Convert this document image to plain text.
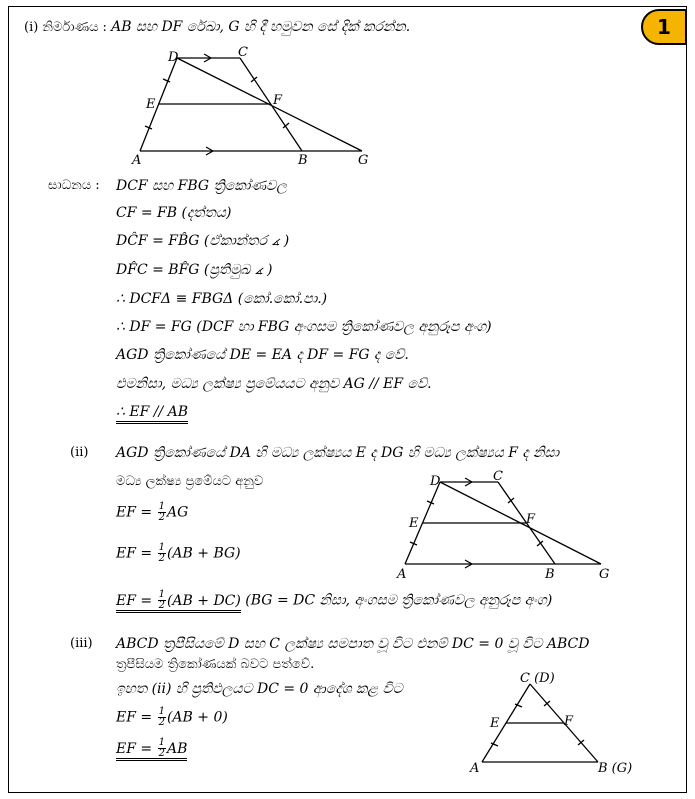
1
(i) නිර්මාණය : AB සහ DF රේඛා, G හි දී හමුවන සේ දික් කරන්න.
D	C
E	F
A	B	G
සාධනය : DCF සහ FBG ත්‍රිකෝණවල
CF = FB (දත්තය)
DĈF = FB̂G (ඒකාන්තර ∡ )
DF̂C = BF̂G (ප්‍රතිමුඛ ∡ )
∴ DCFΔ ≡ FBGΔ (කෝ.කෝ.පා.)
∴ DF = FG (DCF හා FBG අංගසම ත්‍රිකෝණවල අනුරූප අංග)
AGD ත්‍රිකෝණයේ DE = EA ද DF = FG ද වේ.
එමනිසා, මධ්‍ය ලක්ෂ්‍ය ප්‍රමේයයට අනුව AG // EF වේ.
∴ EF // AB
(ii) AGD ත්‍රිකෝණයේ DA හි මධ්‍ය ලක්ෂ්‍යය E ද DG හි මධ්‍ය ලක්ෂ්‍යය F ද නිසා
මධ්‍ය ලක්ෂ්‍ය ප්‍රමේයට අනුව
EF = $\frac{1}{2}$ AG
EF = $\frac{1}{2} (AB + BG)$
EF = $\frac{1}{2} (AB + DC) (BG$ = DC නිසා, අංගසම ත්‍රිකෝණවල අනුරූප අංග)
D	C
E	F
A	B	G
(iii) ABCD ත්‍රපීසියමේ D සහ C ලක්ෂ්‍ය සමපාත වූ විට එනම් DC = 0 වූ විට ABCD
ත්‍රපීසියම ත්‍රිකෝණයක් බවට පත්වේ.
ඉහත (ii) හි ප්‍රතිඵලයට DC = 0 ආදේශ කළ විට
EF = $\frac{1}{2} (AB + 0)$
EF = $\frac{1}{2}$ AB
C (D)
E	F
A	B (G)
